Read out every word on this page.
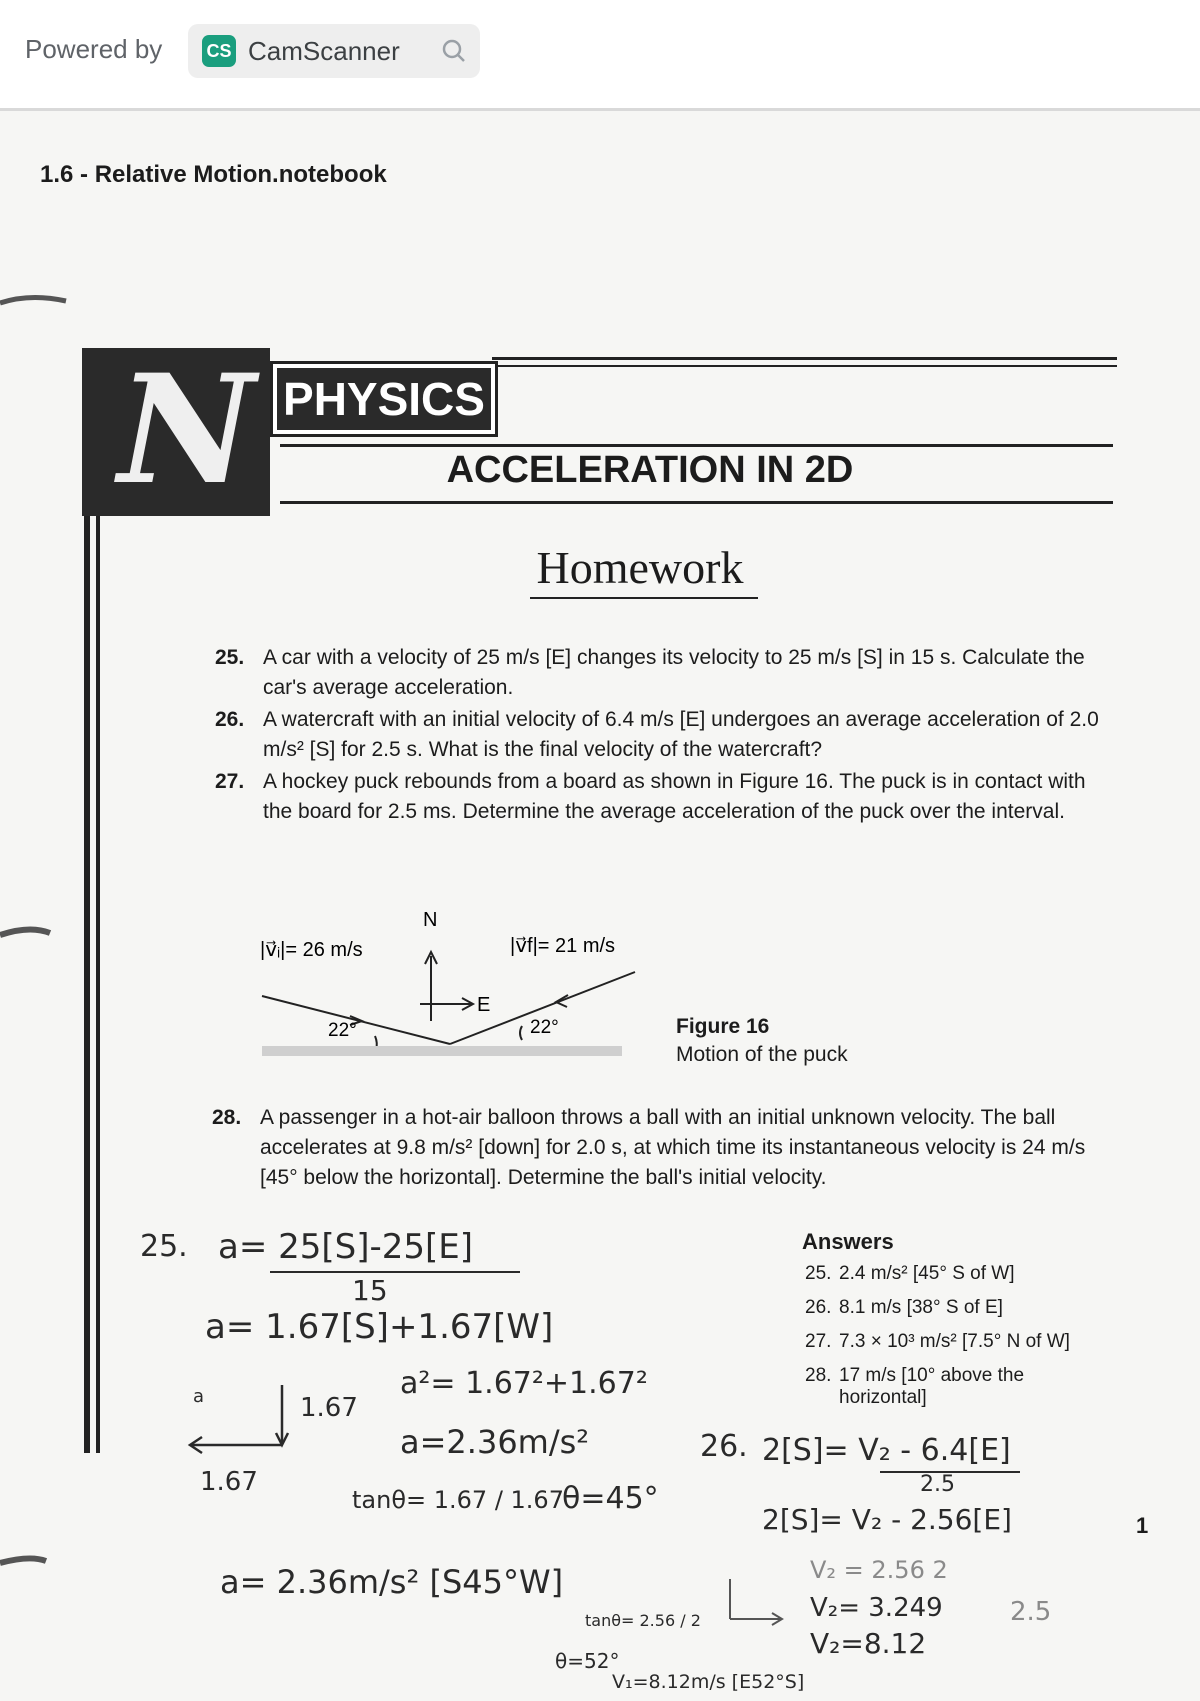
Powered by CS CamScanner
1.6 - Relative Motion.notebook
N PHYSICS
ACCELERATION IN 2D
Homework
25. A car with a velocity of 25 m/s [E] changes its velocity to 25 m/s [S] in 15 s. Calculate the car's average acceleration.
26. A watercraft with an initial velocity of 6.4 m/s [E] undergoes an average acceleration of 2.0 m/s² [S] for 2.5 s. What is the final velocity of the watercraft?
27. A hockey puck rebounds from a board as shown in Figure 16. The puck is in contact with the board for 2.5 ms. Determine the average acceleration of the puck over the interval.
|v⃗ᵢ|= 26 m/s	|v⃗f|= 21 m/s
N
E
22°	22°	Figure 16
Motion of the puck
28. A passenger in a hot-air balloon throws a ball with an initial unknown velocity. The ball accelerates at 9.8 m/s² [down] for 2.0 s, at which time its instantaneous velocity is 24 m/s [45° below the horizontal]. Determine the ball's initial velocity.
Answers
25. 2.4 m/s² [45° S of W]
26. 8.1 m/s [38° S of E]
27. 7.3 × 10³ m/s² [7.5° N of W]
28. 17 m/s [10° above the horizontal]
25. a= 25[S]-25[E]
15
a= 1.67[S]+1.67[W]
a	1.67
1.67
a²= 1.67²+1.67²
a=2.36m/s²
tanθ= 1.67 / 1.67
θ=45°
a= 2.36m/s² [S45°W]
26. 2[S]= V₂ - 6.4[E]
2.5
2[S]= V₂ - 2.56[E]
V₂ = 2.56 2
V₂= 3.249	2.5
V₂=8.12
tanθ= 2.56 / 2
θ=52°
V₁=8.12m/s [E52°S]
1
